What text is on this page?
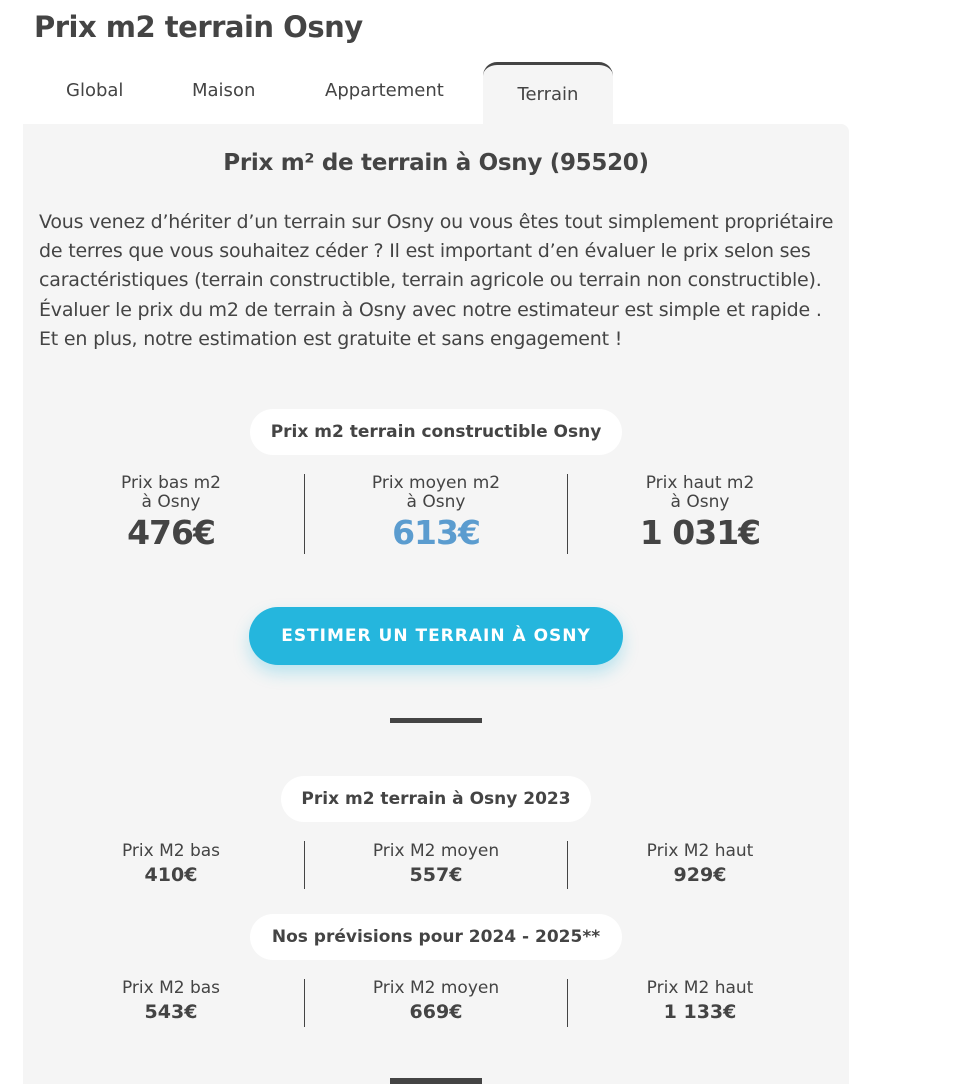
Prix m2 terrain Osny
Global	Maison	Appartement	Terrain
Prix m² de terrain à Osny (95520)

Vous venez d’hériter d’un terrain sur Osny ou vous êtes tout simplement propriétaire de terres que vous souhaitez céder ? Il est important d’en évaluer le prix selon ses caractéristiques (terrain constructible, terrain agricole ou terrain non constructible). Évaluer le prix du m2 de terrain à Osny avec notre estimateur est simple et rapide . Et en plus, notre estimation est gratuite et sans engagement !

Prix m2 terrain constructible Osny
Prix bas m2
à Osny
476€
Prix moyen m2
à Osny
613€
Prix haut m2
à Osny
1 031€
ESTIMER UN TERRAIN À OSNY
Prix m2 terrain à Osny 2023
Prix M2 bas
410€
Prix M2 moyen
557€
Prix M2 haut
929€
Nos prévisions pour 2024 - 2025**
Prix M2 bas
543€
Prix M2 moyen
669€
Prix M2 haut
1 133€
